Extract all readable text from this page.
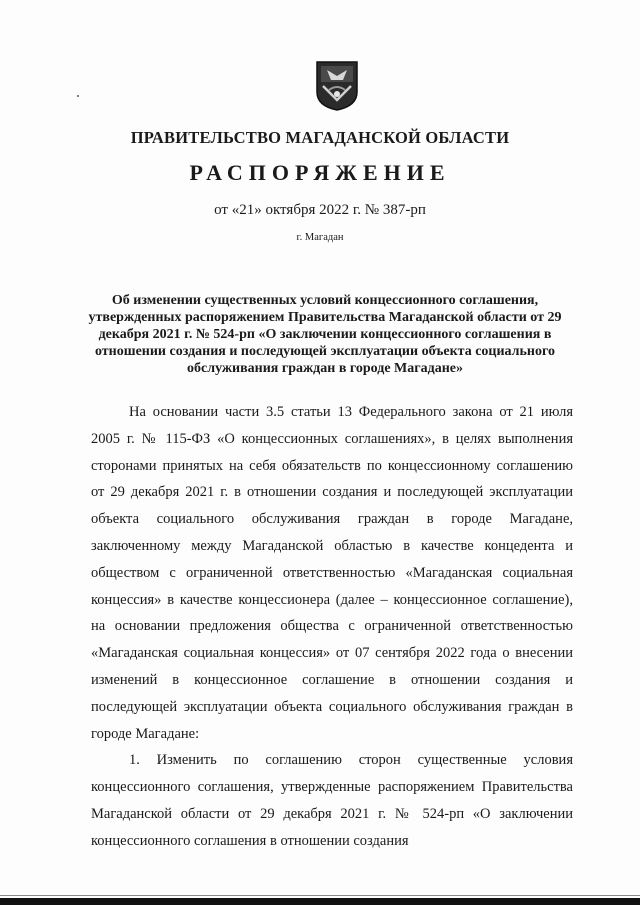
ПРАВИТЕЛЬСТВО МАГАДАНСКОЙ ОБЛАСТИ
РАСПОРЯЖЕНИЕ
от «21» октября 2022 г. № 387-рп
г. Магадан
Об изменении существенных условий концессионного соглашения, утвержденных распоряжением Правительства Магаданской области от 29 декабря 2021 г. № 524-рп «О заключении концессионного соглашения в отношении создания и последующей эксплуатации объекта социального обслуживания граждан в городе Магадане»

На основании части 3.5 статьи 13 Федерального закона от 21 июля 2005 г. № 115-ФЗ «О концессионных соглашениях», в целях выполнения сторонами принятых на себя обязательств по концессионному соглашению от 29 декабря 2021 г. в отношении создания и последующей эксплуатации объекта социального обслуживания граждан в городе Магадане, заключенному между Магаданской областью в качестве концедента и обществом с ограниченной ответственностью «Магаданская социальная концессия» в качестве концессионера (далее – концессионное соглашение), на основании предложения общества с ограниченной ответственностью «Магаданская социальная концессия» от 07 сентября 2022 года о внесении изменений в концессионное соглашение в отношении создания и последующей эксплуатации объекта социального обслуживания граждан в городе Магадане:

1. Изменить по соглашению сторон существенные условия концессионного соглашения, утвержденные распоряжением Правительства Магаданской области от 29 декабря 2021 г. № 524-рп «О заключении концессионного соглашения в отношении создания
